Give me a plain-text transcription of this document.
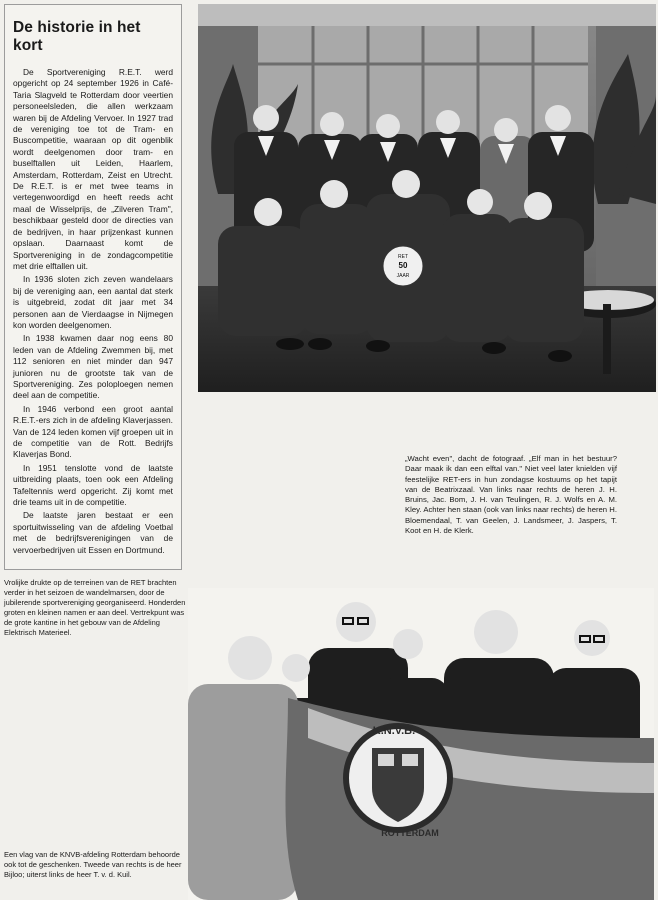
De historie in het kort

De Sportvereniging R.E.T. werd opgericht op 24 september 1926 in Café-Taria Slagveld te Rotterdam door veertien personeelsleden, die allen werkzaam waren bij de Afdeling Vervoer. In 1927 trad de vereniging toe tot de Tram- en Buscompetitie, waaraan op dit ogenblik wordt deelgenomen door tram- en buselftallen uit Leiden, Haarlem, Amsterdam, Rotterdam, Zeist en Utrecht. De R.E.T. is er met twee teams in vertegenwoordigd en heeft reeds acht maal de Wisselprijs, de „Zilveren Tram", beschikbaar gesteld door de directies van de bedrijven, in haar prijzenkast kunnen opslaan. Daarnaast komt de Sportvereniging in de zondagcompetitie met drie elftallen uit.

In 1936 sloten zich zeven wandelaars bij de vereniging aan, een aantal dat sterk is uitgebreid, zodat dit jaar met 34 personen aan de Vierdaagse in Nijmegen kon worden deelgenomen.

In 1938 kwamen daar nog eens 80 leden van de Afdeling Zwemmen bij, met 112 senioren en niet minder dan 947 junioren nu de grootste tak van de Sportvereniging. Zes poloploegen nemen deel aan de competitie.

In 1946 verbond een groot aantal R.E.T.-ers zich in de afdeling Klaverjassen. Van de 124 leden komen vijf groepen uit in de competitie van de Rott. Bedrijfs Klaverjas Bond.

In 1951 tenslotte vond de laatste uitbreiding plaats, toen ook een Afdeling Tafeltennis werd opgericht. Zij komt met drie teams uit in de competitie.

De laatste jaren bestaat er een sportuitwisseling van de afdeling Voetbal met de bedrijfsverenigingen van de vervoerbedrijven uit Essen en Dortmund.

RET
50
JAAR
„Wacht even", dacht de fotograaf. „Elf man in het bestuur? Daar maak ik dan een elftal van." Niet veel later knielden vijf feestelijke RET-ers in hun zondagse kostuums op het tapijt van de Beatrixzaal. Van links naar rechts de heren J. H. Bruins, Jac. Bom, J. H. van Teulingen, R. J. Wolfs en A. M. Kley. Achter hen staan (ook van links naar rechts) de heren H. Bloemendaal, T. van Geelen, J. Landsmeer, J. Jaspers, T. Koot en H. de Klerk.
Vrolijke drukte op de terreinen van de RET brachten verder in het seizoen de wandelmarsen, door de jubilerende sportvereniging georganiseerd. Honderden groten en kleinen namen er aan deel. Vertrekpunt was de grote kantine in het gebouw van de Afdeling Elektrisch Materieel.
K.N.V.B.
ROTTERDAM
Een vlag van de KNVB-afdeling Rotterdam behoorde ook tot de geschenken. Tweede van rechts is de heer Bijloo; uiterst links de heer T. v. d. Kuil.
